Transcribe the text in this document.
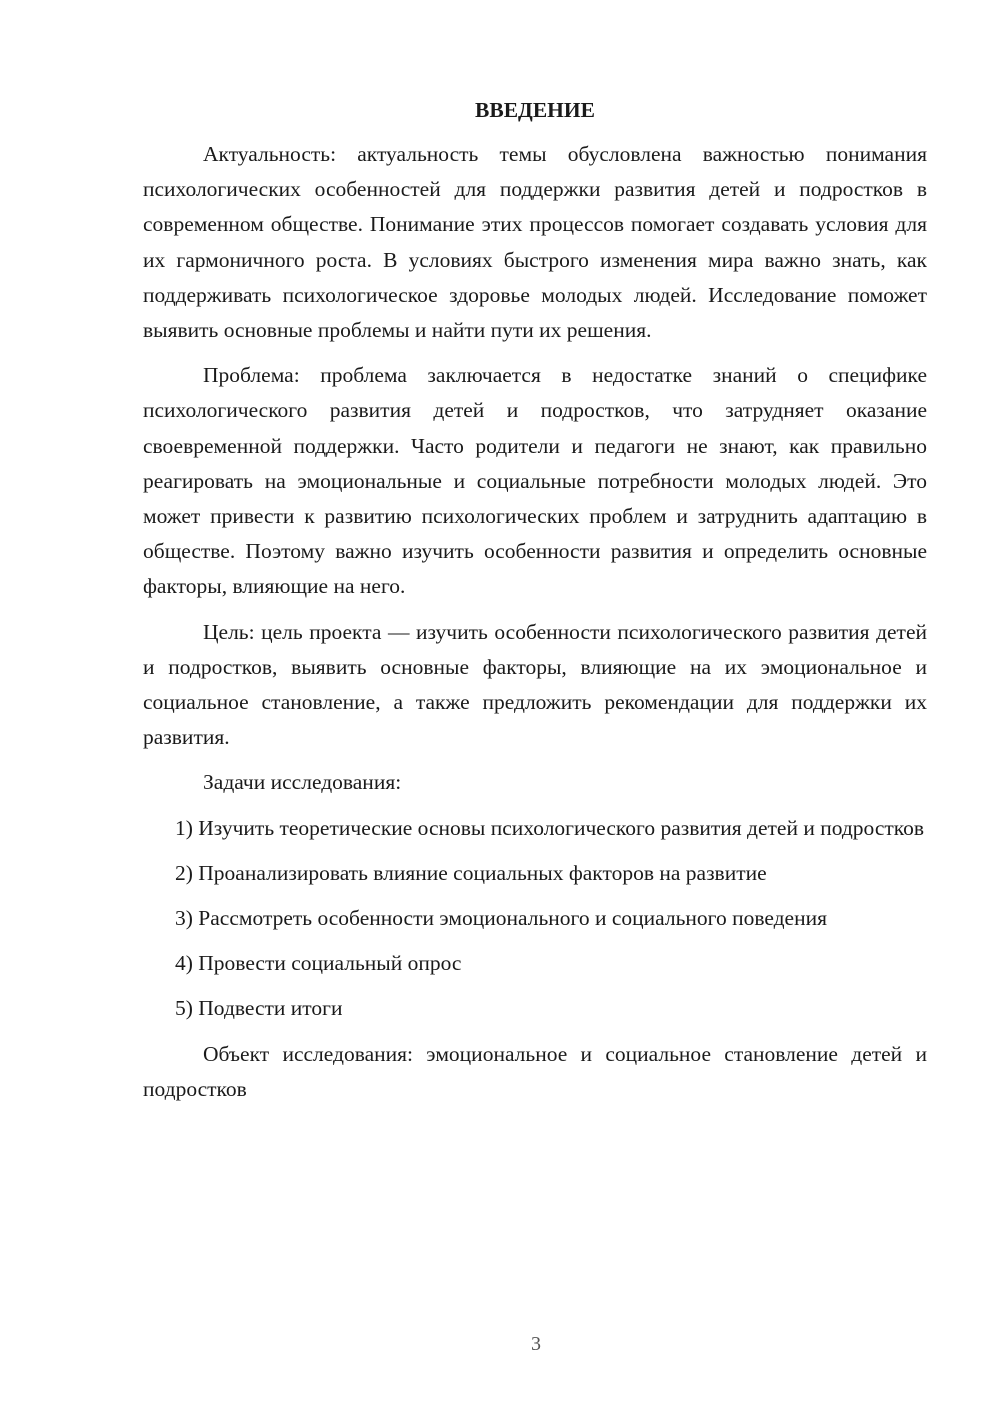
ВВЕДЕНИЕ

Актуальность: актуальность темы обусловлена важностью понимания психологических особенностей для поддержки развития детей и подростков в современном обществе. Понимание этих процессов помогает создавать условия для их гармоничного роста. В условиях быстрого изменения мира важно знать, как поддерживать психологическое здоровье молодых людей. Исследование поможет выявить основные проблемы и найти пути их решения.

Проблема: проблема заключается в недостатке знаний о специфике психологического развития детей и подростков, что затрудняет оказание своевременной поддержки. Часто родители и педагоги не знают, как правильно реагировать на эмоциональные и социальные потребности молодых людей. Это может привести к развитию психологических проблем и затруднить адаптацию в обществе. Поэтому важно изучить особенности развития и определить основные факторы, влияющие на него.

Цель: цель проекта — изучить особенности психологического развития детей и подростков, выявить основные факторы, влияющие на их эмоциональное и социальное становление, а также предложить рекомендации для поддержки их развития.

Задачи исследования:

1) Изучить теоретические основы психологического развития детей и подростков

2) Проанализировать влияние социальных факторов на развитие

3) Рассмотреть особенности эмоционального и социального поведения

4) Провести социальный опрос

5) Подвести итоги

Объект исследования: эмоциональное и социальное становление детей и подростков

3
